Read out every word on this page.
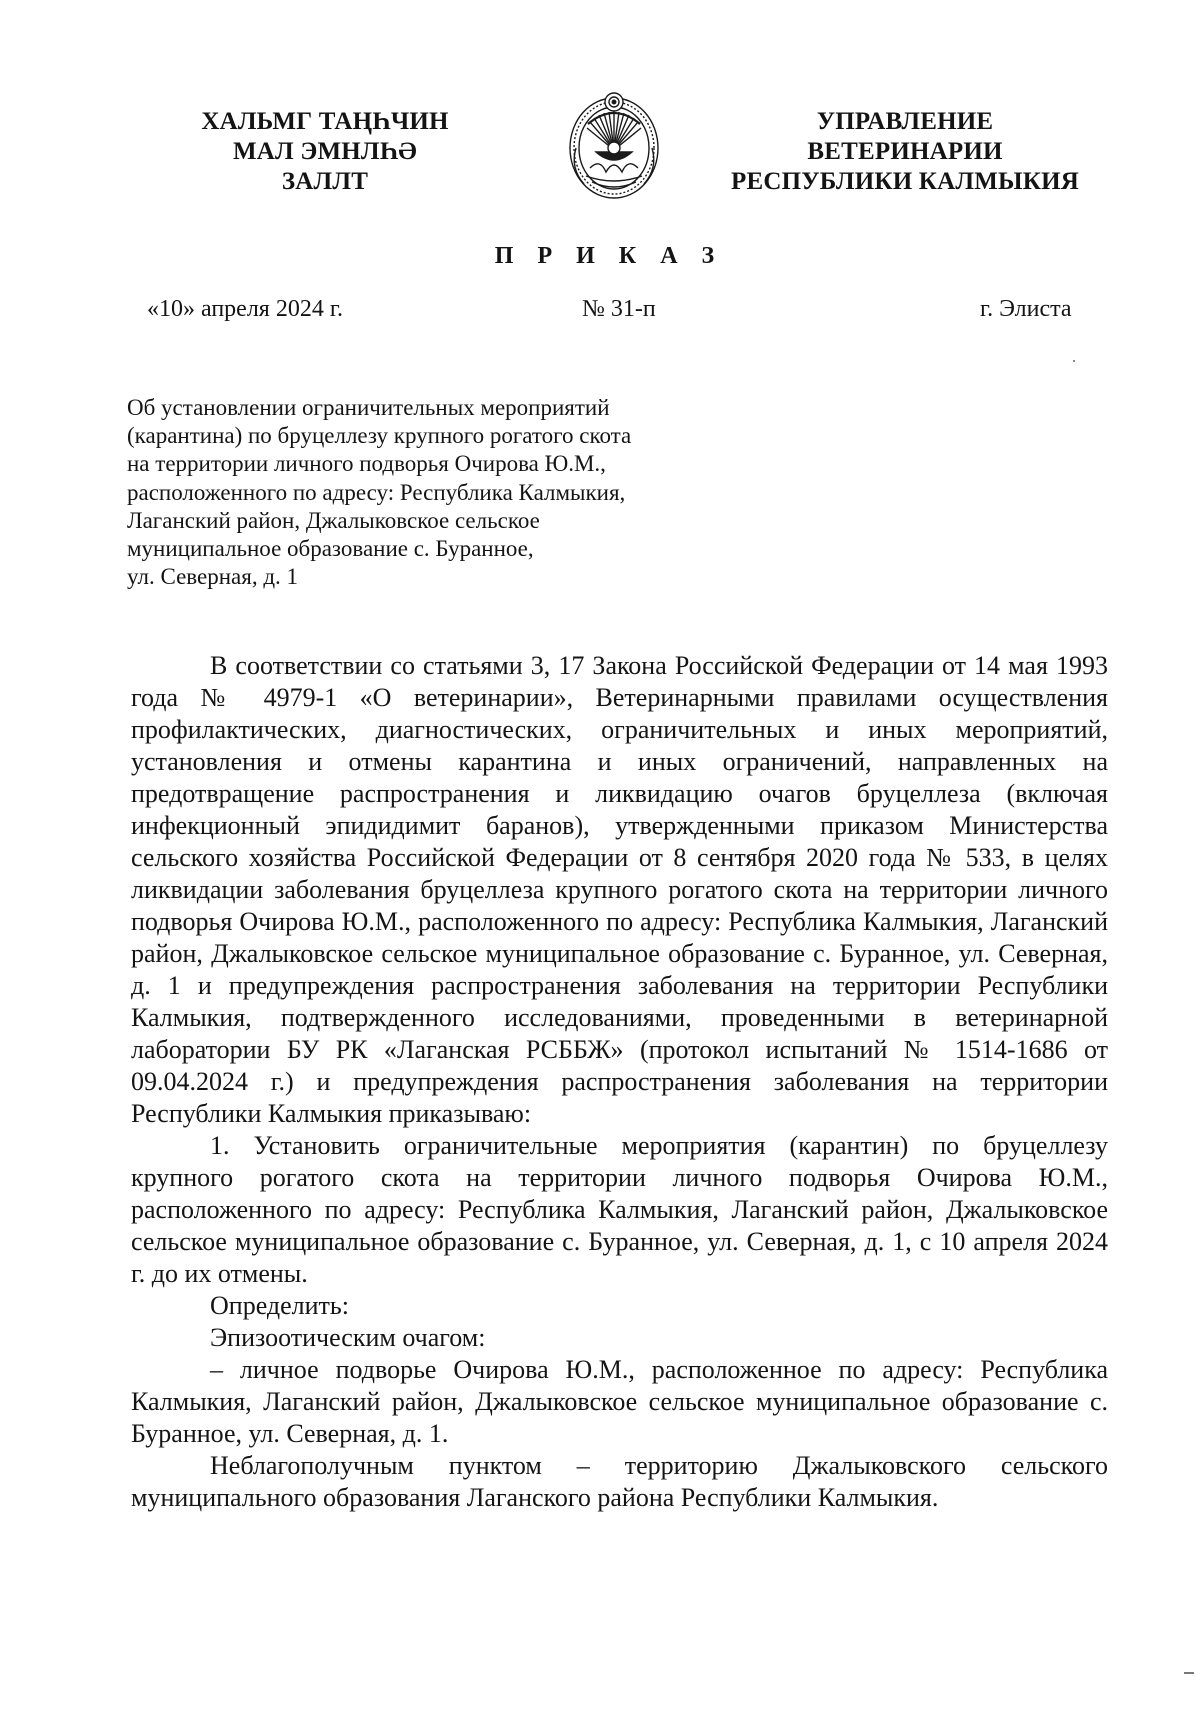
ХАЛЬМГ ТАҢҺЧИН
МАЛ ЭМНЛҺӘ
ЗАЛЛТ
УПРАВЛЕНИЕ
ВЕТЕРИНАРИИ
РЕСПУБЛИКИ КАЛМЫКИЯ
П Р И К А З
«10» апреля 2024 г.	№ 31-п	г. Элиста
Об установлении ограничительных мероприятий
(карантина) по бруцеллезу крупного рогатого скота
на территории личного подворья Очирова Ю.М.,
расположенного по адресу: Республика Калмыкия,
Лаганский район, Джалыковское сельское
муниципальное образование с. Буранное,
ул. Северная, д. 1

В соответствии со статьями 3, 17 Закона Российской Федерации от 14 мая 1993 года № 4979-1 «О ветеринарии», Ветеринарными правилами осуществления профилактических, диагностических, ограничительных и иных мероприятий, установления и отмены карантина и иных ограничений, направленных на предотвращение распространения и ликвидацию очагов бруцеллеза (включая инфекционный эпидидимит баранов), утвержденными приказом Министерства сельского хозяйства Российской Федерации от 8 сентября 2020 года № 533, в целях ликвидации заболевания бруцеллеза крупного рогатого скота на территории личного подворья Очирова Ю.М., расположенного по адресу: Республика Калмыкия, Лаганский район, Джалыковское сельское муниципальное образование с. Буранное, ул. Северная, д. 1 и предупреждения распространения заболевания на территории Республики Калмыкия, подтвержденного исследованиями, проведенными в ветеринарной лаборатории БУ РК «Лаганская РСББЖ» (протокол испытаний № 1514-1686 от 09.04.2024 г.) и предупреждения распространения заболевания на территории Республики Калмыкия приказываю:

1. Установить ограничительные мероприятия (карантин) по бруцеллезу крупного рогатого скота на территории личного подворья Очирова Ю.М., расположенного по адресу: Республика Калмыкия, Лаганский район, Джалыковское сельское муниципальное образование с. Буранное, ул. Северная, д. 1, с 10 апреля 2024 г. до их отмены.

Определить:

Эпизоотическим очагом:

– личное подворье Очирова Ю.М., расположенное по адресу: Республика Калмыкия, Лаганский район, Джалыковское сельское муниципальное образование с. Буранное, ул. Северная, д. 1.

Неблагополучным пунктом – территорию Джалыковского сельского муниципального образования Лаганского района Республики Калмыкия.
